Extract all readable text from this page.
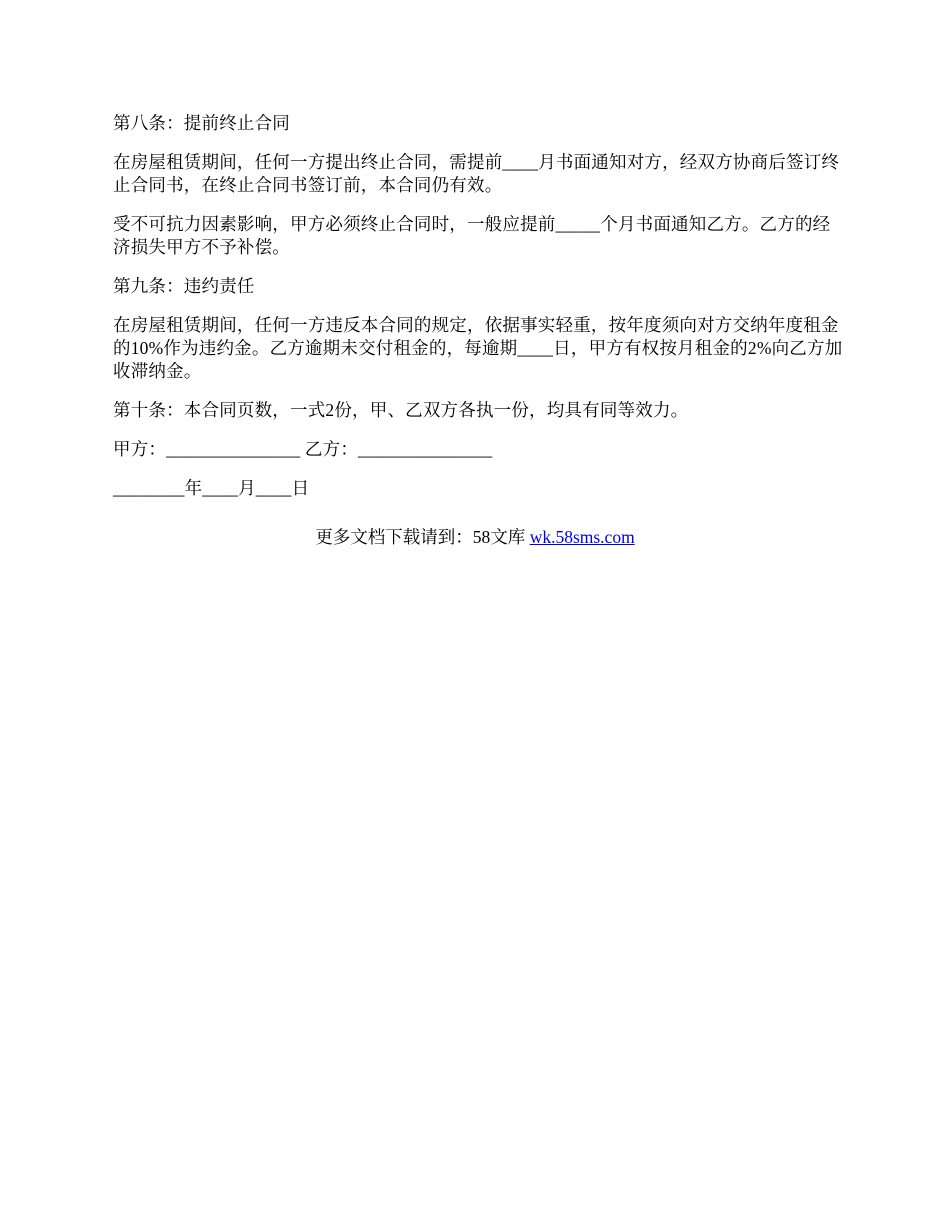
第八条：提前终止合同

在房屋租赁期间，任何一方提出终止合同，需提前____月书面通知对方，经双方协商后签订终止合同书，在终止合同书签订前，本合同仍有效。

受不可抗力因素影响，甲方必须终止合同时，一般应提前_____个月书面通知乙方。乙方的经济损失甲方不予补偿。

第九条：违约责任

在房屋租赁期间，任何一方违反本合同的规定，依据事实轻重，按年度须向对方交纳年度租金的10%作为违约金。乙方逾期未交付租金的，每逾期____日，甲方有权按月租金的2%向乙方加收滞纳金。

第十条：本合同页数，一式2份，甲、乙双方各执一份，均具有同等效力。

甲方：_______________ 乙方：_______________

________年____月____日

更多文档下载请到：58文库 wk.58sms.com
